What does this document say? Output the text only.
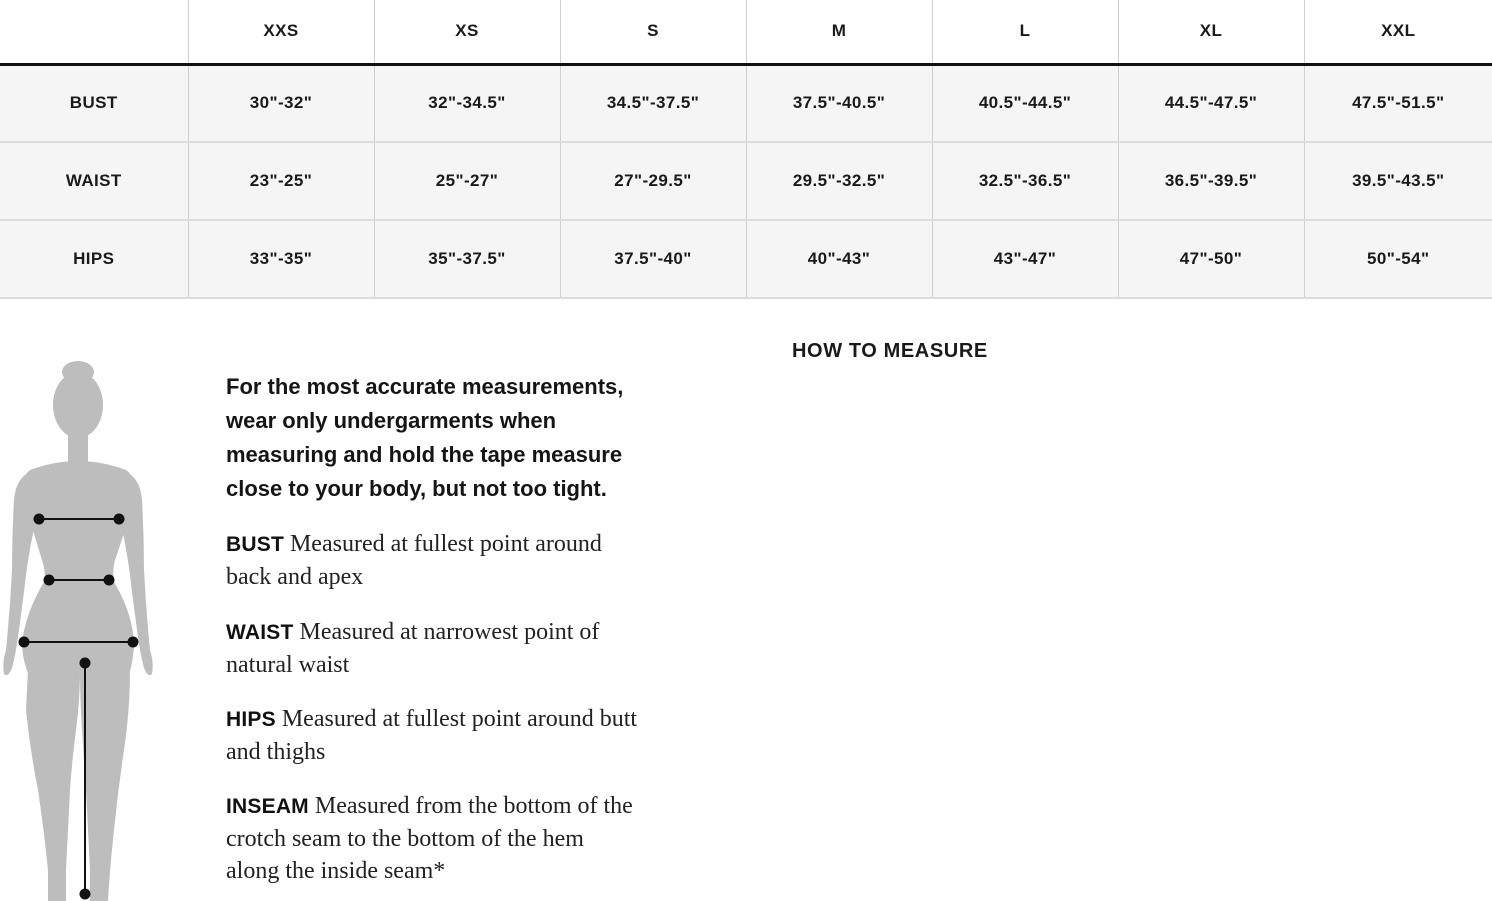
	XXS	XS	S	M	L	XL	XXL
BUST	30"-32"	32"-34.5"	34.5"-37.5"	37.5"-40.5"	40.5"-44.5"	44.5"-47.5"	47.5"-51.5"
WAIST	23"-25"	25"-27"	27"-29.5"	29.5"-32.5"	32.5"-36.5"	36.5"-39.5"	39.5"-43.5"
HIPS	33"-35"	35"-37.5"	37.5"-40"	40"-43"	43"-47"	47"-50"	50"-54"
For the most accurate measurements,
wear only undergarments when
measuring and hold the tape measure
close to your body, but not too tight.
BUST Measured at fullest point around
back and apex
WAIST Measured at narrowest point of
natural waist
HIPS Measured at fullest point around butt
and thighs
INSEAM Measured from the bottom of the
crotch seam to the bottom of the hem
along the inside seam*
HOW TO MEASURE
